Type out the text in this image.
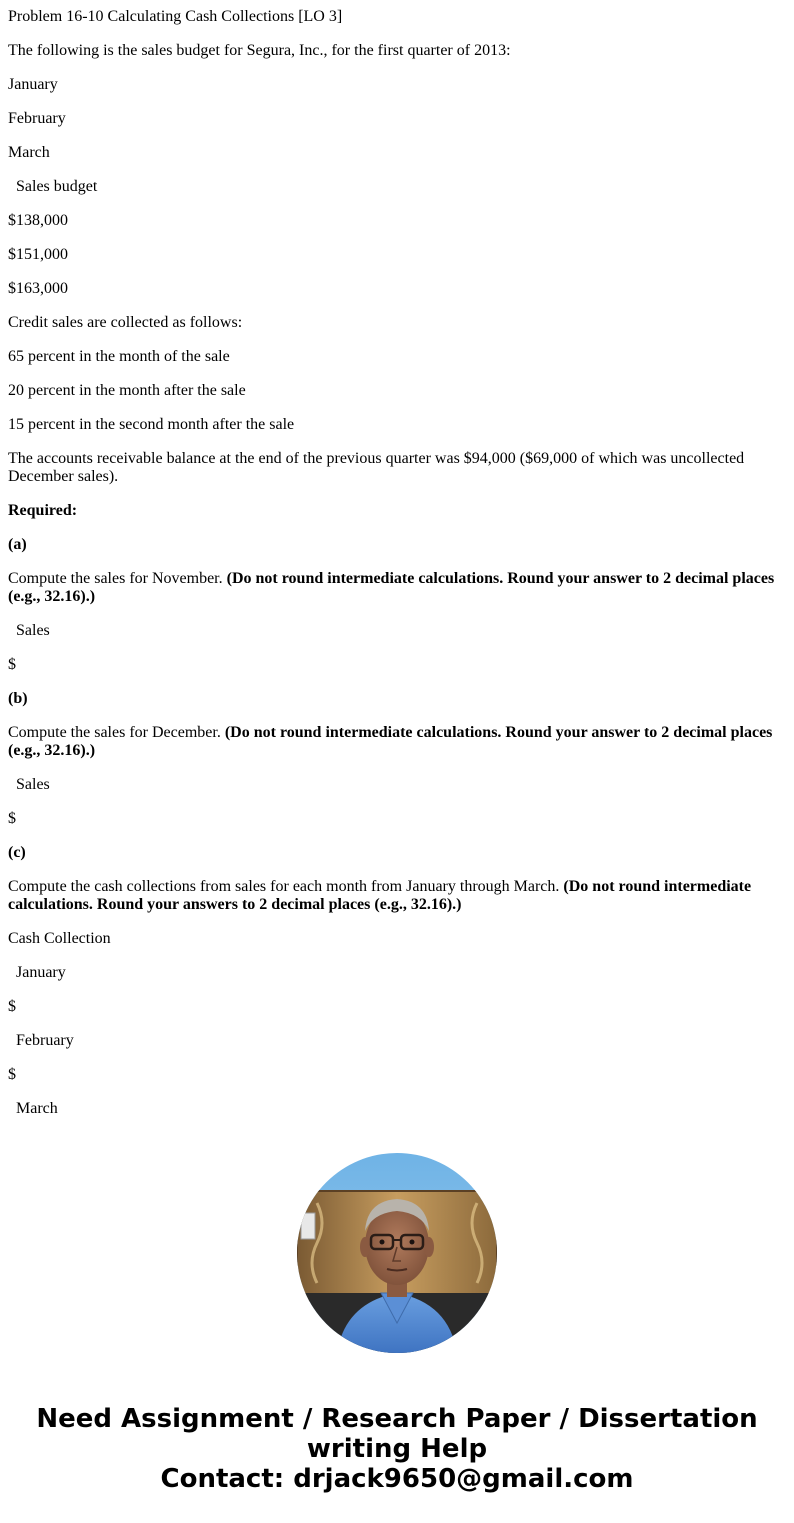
Problem 16-10 Calculating Cash Collections [LO 3]

The following is the sales budget for Segura, Inc., for the first quarter of 2013:

January

February

March

Sales budget

$138,000

$151,000

$163,000

Credit sales are collected as follows:

65 percent in the month of the sale

20 percent in the month after the sale

15 percent in the second month after the sale

The accounts receivable balance at the end of the previous quarter was $94,000 ($69,000 of which was uncollected December sales).

Required:

(a)

Compute the sales for November. (Do not round intermediate calculations. Round your answer to 2 decimal places (e.g., 32.16).)

Sales

$

(b)

Compute the sales for December. (Do not round intermediate calculations. Round your answer to 2 decimal places (e.g., 32.16).)

Sales

$

(c)

Compute the cash collections from sales for each month from January through March. (Do not round intermediate calculations. Round your answers to 2 decimal places (e.g., 32.16).)

Cash Collection

January

$

February

$

March

Need Assignment / Research Paper / Dissertation
writing Help
Contact: drjack9650@gmail.com
